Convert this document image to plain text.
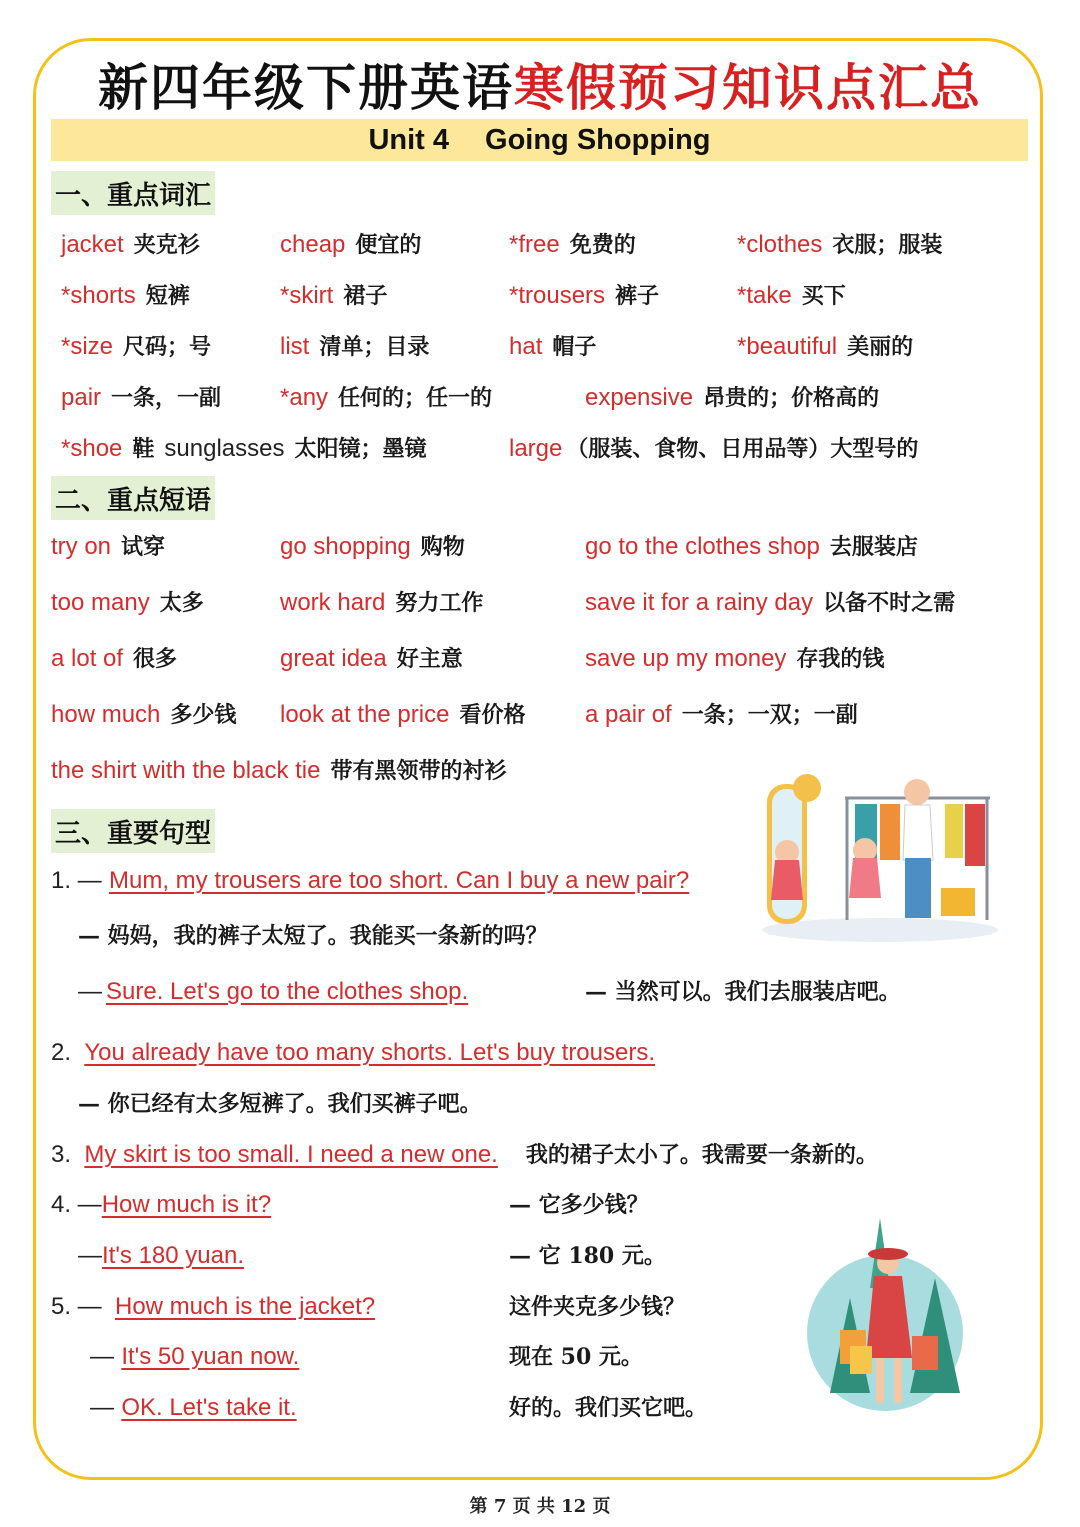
新四年级下册英语寒假预习知识点汇总
Unit 4 Going Shopping
一、重点词汇
jacket 夹克衫	cheap 便宜的	*free 免费的	*clothes 衣服；服装
*shorts 短裤	*skirt 裙子	*trousers 裤子	*take 买下
*size 尺码；号	list 清单；目录	hat 帽子	*beautiful 美丽的
pair 一条，一副 *any 任何的；任一的	expensive 昂贵的；价格高的
*shoe 鞋 sunglasses 太阳镜；墨镜	large （服装、食物、日用品等）大型号的
二、重点短语
try on 试穿	go shopping 购物	go to the clothes shop 去服装店
too many 太多	work hard 努力工作	save it for a rainy day 以备不时之需
a lot of 很多	great idea 好主意	save up my money 存我的钱
how much 多少钱 look at the price 看价格 a pair of 一条；一双；一副
the shirt with the black tie 带有黑领带的衬衫
三、重要句型
1. — Mum, my trousers are too short. Can I buy a new pair?
— 妈妈，我的裤子太短了。我能买一条新的吗？
— Sure. Let's go to the clothes shop.	— 当然可以。我们去服装店吧。
2. You already have too many shorts. Let's buy trousers.
— 你已经有太多短裤了。我们买裤子吧。
3. My skirt is too small. I need a new one. 我的裙子太小了。我需要一条新的。
4. —How much is it?	— 它多少钱？
—It's 180 yuan.	— 它 180 元。
5. — How much is the jacket?	这件夹克多少钱？
— It's 50 yuan now.	现在 50 元。
— OK. Let's take it.	好的。我们买它吧。
第 7 页 共 12 页
